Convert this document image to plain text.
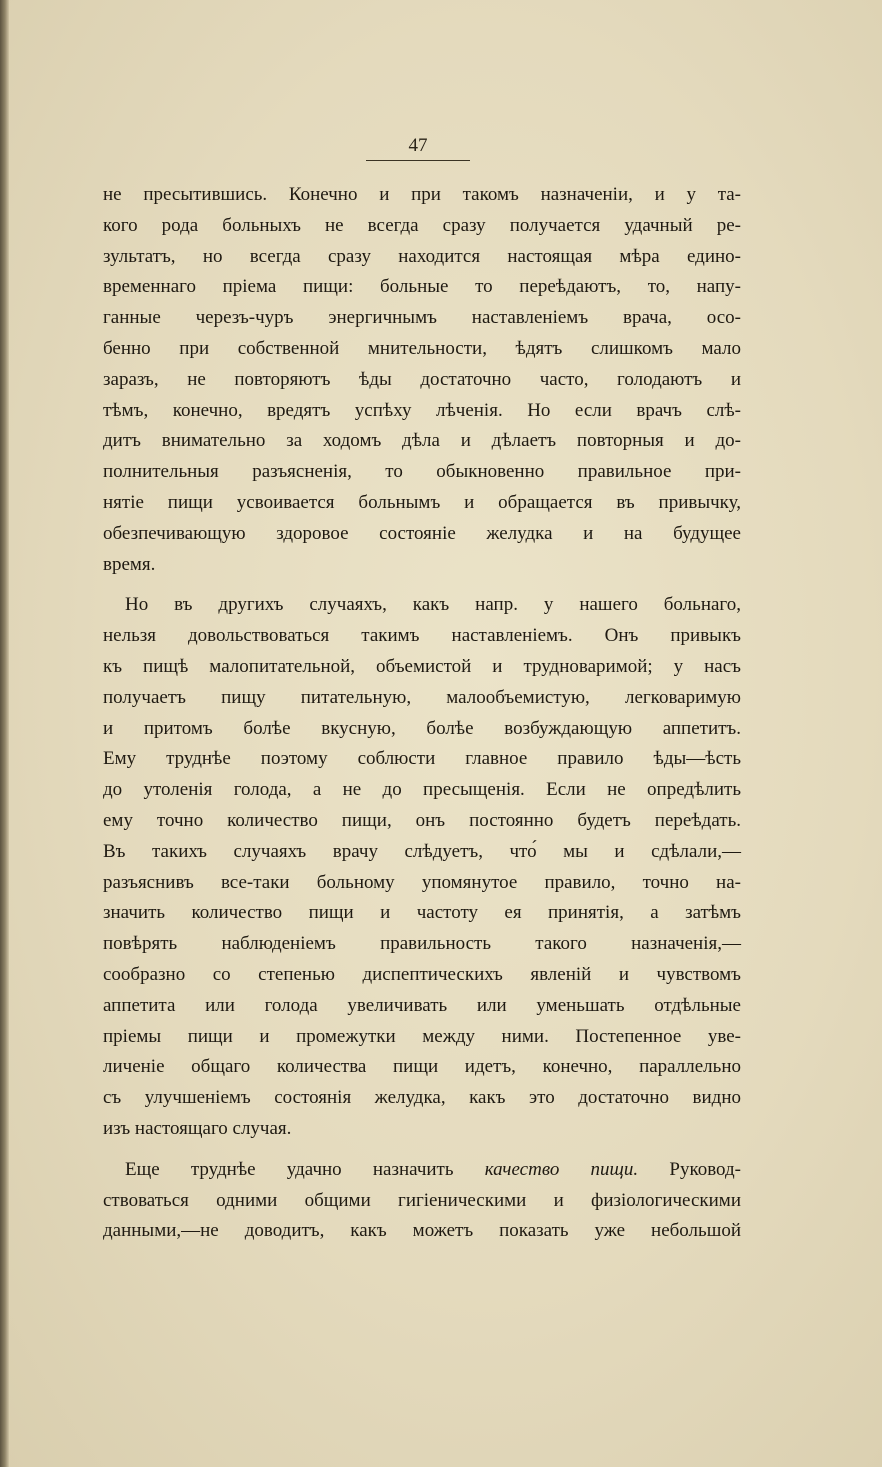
47

не пресытившись. Конечно и при такомъ назначеніи, и у та-
кого рода больныхъ не всегда сразу получается удачный ре-
зультатъ, но всегда сразу находится настоящая мѣра едино-
временнаго пріема пищи: больные то переѣдаютъ, то, напу-
ганные черезъ-чуръ энергичнымъ наставленіемъ врача, осо-
бенно при собственной мнительности, ѣдятъ слишкомъ мало
заразъ, не повторяютъ ѣды достаточно часто, голодаютъ и
тѣмъ, конечно, вредятъ успѣху лѣченія. Но если врачъ слѣ-
дитъ внимательно за ходомъ дѣла и дѣлаетъ повторныя и до-
полнительныя разъясненія, то обыкновенно правильное при-
нятіе пищи усвоивается больнымъ и обращается въ привычку,
обезпечивающую здоровое состояніе желудка и на будущее
время.

Но въ другихъ случаяхъ, какъ напр. у нашего больнаго,
нельзя довольствоваться такимъ наставленіемъ. Онъ привыкъ
къ пищѣ малопитательной, объемистой и трудноваримой; у насъ
получаетъ пищу питательную, малообъемистую, легковаримую
и притомъ болѣе вкусную, болѣе возбуждающую аппетитъ.
Ему труднѣе поэтому соблюсти главное правило ѣды—ѣсть
до утоленія голода, а не до пресыщенія. Если не опредѣлить
ему точно количество пищи, онъ постоянно будетъ переѣдать.
Въ такихъ случаяхъ врачу слѣдуетъ, что́ мы и сдѣлали,—
разъяснивъ все-таки больному упомянутое правило, точно на-
значить количество пищи и частоту ея принятія, а затѣмъ
повѣрять наблюденіемъ правильность такого назначенія,—
сообразно со степенью диспептическихъ явленій и чувствомъ
аппетита или голода увеличивать или уменьшать отдѣльные
пріемы пищи и промежутки между ними. Постепенное уве-
личеніе общаго количества пищи идетъ, конечно, параллельно
съ улучшеніемъ состоянія желудка, какъ это достаточно видно
изъ настоящаго случая.

Еще труднѣе удачно назначить качество пищи. Руковод-
ствоваться одними общими гигіеническими и физіологическими
данными,—не доводитъ, какъ можетъ показать уже небольшой
